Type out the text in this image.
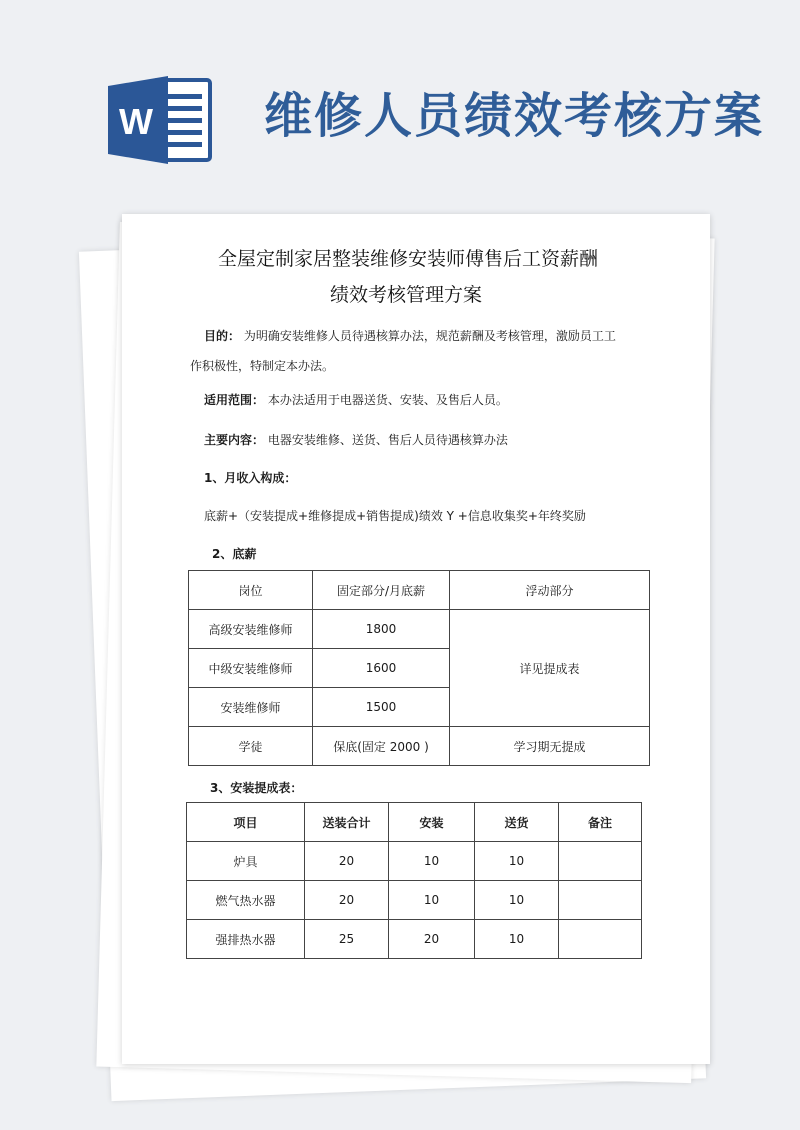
W 维修人员绩效考核方案
全屋定制家居整装维修安装师傅售后工资薪酬
绩效考核管理方案
目的： 为明确安装维修人员待遇核算办法，规范薪酬及考核管理，激励员工工
作积极性，特制定本办法。
适用范围： 本办法适用于电器送货、安装、及售后人员。
主要内容： 电器安装维修、送货、售后人员待遇核算办法
1、月收入构成：
底薪+（安装提成+维修提成+销售提成)绩效 Y +信息收集奖+年终奖励
2、底薪
岗位	固定部分/月底薪	浮动部分
高级安装维修师	1800	详见提成表
中级安装维修师	1600	
安装维修师	1500	
学徒	保底(固定 2000 )	学习期无提成
3、安装提成表：
项目	送装合计	安装	送货	备注
炉具	20	10	10	
燃气热水器	20	10	10	
强排热水器	25	20	10	
